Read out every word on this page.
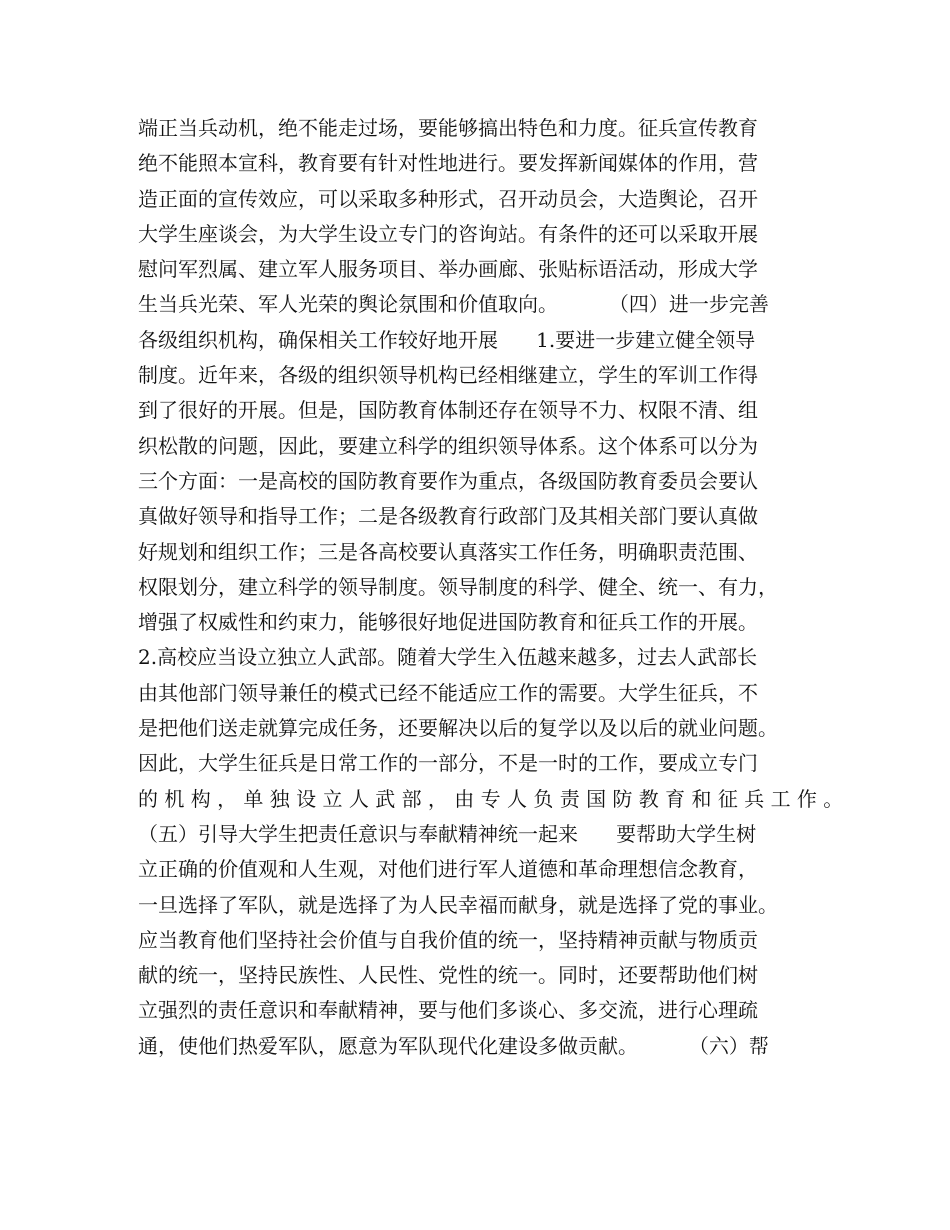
端正当兵动机，绝不能走过场，要能够搞出特色和力度。征兵宣传教育

绝不能照本宣科，教育要有针对性地进行。要发挥新闻媒体的作用，营

造正面的宣传效应，可以采取多种形式，召开动员会，大造舆论，召开

大学生座谈会，为大学生设立专门的咨询站。有条件的还可以采取开展

慰问军烈属、建立军人服务项目、举办画廊、张贴标语活动，形成大学

生当兵光荣、军人光荣的舆论氛围和价值取向。        （四）进一步完善

各级组织机构，确保相关工作较好地开展      1.要进一步建立健全领导

制度。近年来，各级的组织领导机构已经相继建立，学生的军训工作得

到了很好的开展。但是，国防教育体制还存在领导不力、权限不清、组

织松散的问题，因此，要建立科学的组织领导体系。这个体系可以分为

三个方面：一是高校的国防教育要作为重点，各级国防教育委员会要认

真做好领导和指导工作；二是各级教育行政部门及其相关部门要认真做

好规划和组织工作；三是各高校要认真落实工作任务，明确职责范围、

权限划分，建立科学的领导制度。领导制度的科学、健全、统一、有力，

增强了权威性和约束力，能够很好地促进国防教育和征兵工作的开展。

2.高校应当设立独立人武部。随着大学生入伍越来越多，过去人武部长

由其他部门领导兼任的模式已经不能适应工作的需要。大学生征兵，不

是把他们送走就算完成任务，还要解决以后的复学以及以后的就业问题。

因此，大学生征兵是日常工作的一部分，不是一时的工作，要成立专门

的 机 构 ， 单 独 设 立 人 武 部 ， 由 专 人 负 责 国 防 教 育 和 征 兵 工 作 。

（五）引导大学生把责任意识与奉献精神统一起来      要帮助大学生树

立正确的价值观和人生观，对他们进行军人道德和革命理想信念教育，

一旦选择了军队，就是选择了为人民幸福而献身，就是选择了党的事业。

应当教育他们坚持社会价值与自我价值的统一，坚持精神贡献与物质贡

献的统一，坚持民族性、人民性、党性的统一。同时，还要帮助他们树

立强烈的责任意识和奉献精神，要与他们多谈心、多交流，进行心理疏

通，使他们热爱军队，愿意为军队现代化建设多做贡献。        （六）帮
